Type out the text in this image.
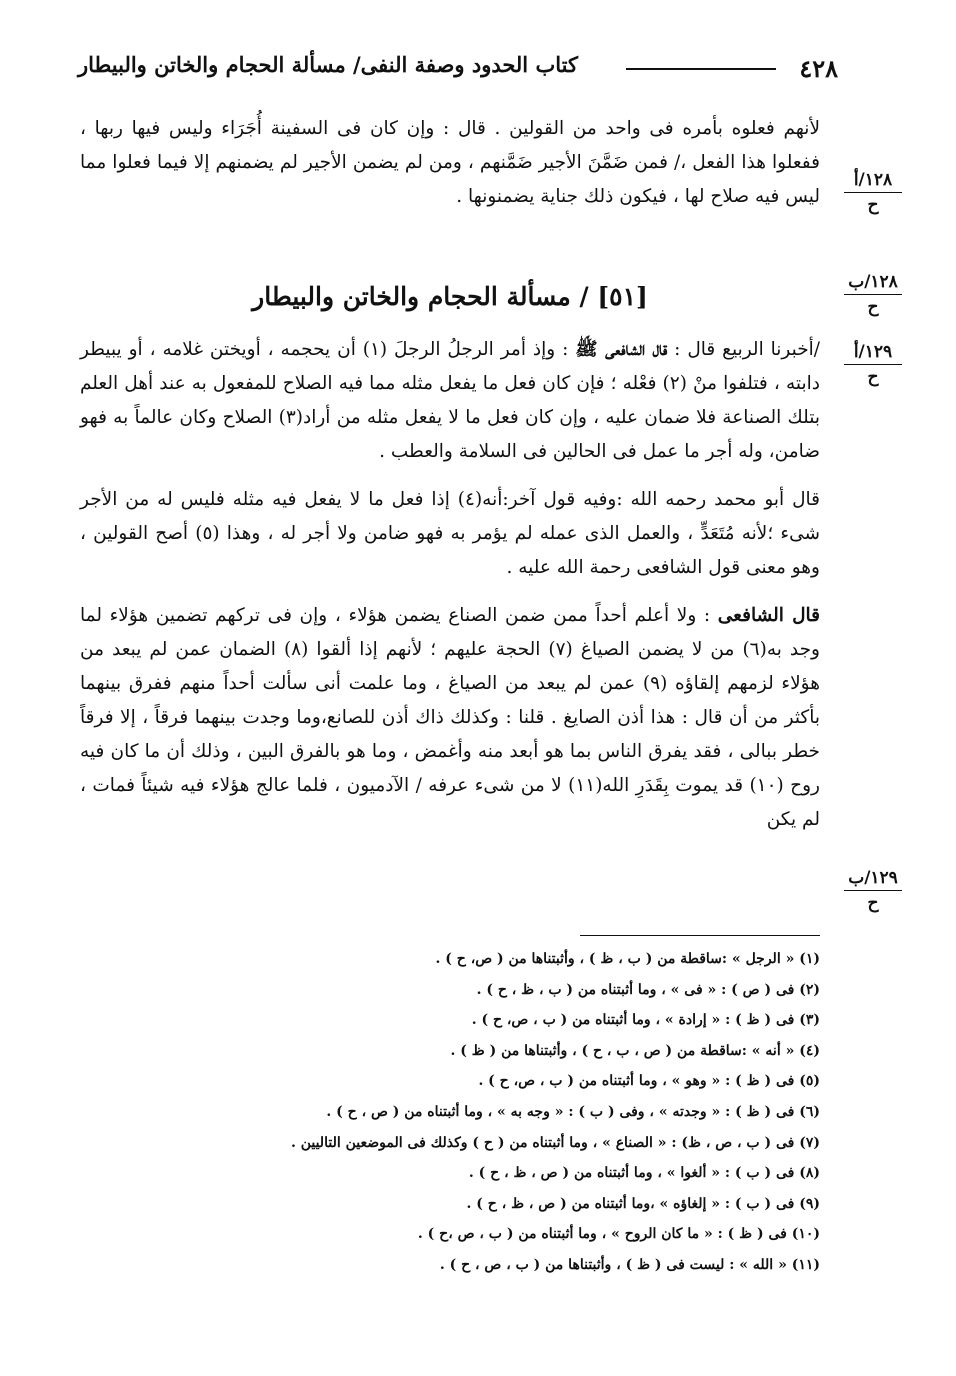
٤٢٨
كتاب الحدود وصفة النفى/ مسألة الحجام والخاتن والبيطار
١٢٨/أ
ح
١٢٨/ب
ح
١٢٩/أ
ح
١٢٩/ب
ح

لأنهم فعلوه بأمره فى واحد من القولين . قال : وإن كان فى السفينة أُجَرَاء وليس فيها ربها ، ففعلوا هذا الفعل ،/ فمن ضَمَّنَ الأجير ضَمَّنهم ، ومن لم يضمن الأجير لم يضمنهم إلا فيما فعلوا مما ليس فيه صلاح لها ، فيكون ذلك جناية يضمنونها .

[٥١] / مسألة الحجام والخاتن والبيطار

/أخبرنا الربيع قال : قال الشافعى ﷺ : وإذ أمر الرجلُ الرجلَ (١) أن يحجمه ، أويختن غلامه ، أو يبيطر دابته ، فتلفوا منْ (٢) فعْله ؛ فإن كان فعل ما يفعل مثله مما فيه الصلاح للمفعول به عند أهل العلم بتلك الصناعة فلا ضمان عليه ، وإن كان فعل ما لا يفعل مثله من أراد(٣) الصلاح وكان عالماً به فهو ضامن، وله أجر ما عمل فى الحالين فى السلامة والعطب .

قال أبو محمد رحمه الله :وفيه قول آخر:أنه(٤) إذا فعل ما لا يفعل فيه مثله فليس له من الأجر شىء ؛لأنه مُتَعَدٍّ ، والعمل الذى عمله لم يؤمر به فهو ضامن ولا أجر له ، وهذا (٥) أصح القولين ، وهو معنى قول الشافعى رحمة الله عليه .

قال الشافعى : ولا أعلم أحداً ممن ضمن الصناع يضمن هؤلاء ، وإن فى تركهم تضمين هؤلاء لما وجد به(٦) من لا يضمن الصياغ (٧) الحجة عليهم ؛ لأنهم إذا ألقوا (٨) الضمان عمن لم يبعد من هؤلاء لزمهم إلقاؤه (٩) عمن لم يبعد من الصياغ ، وما علمت أنى سألت أحداً منهم ففرق بينهما بأكثر من أن قال : هذا أذن الصايغ . قلنا : وكذلك ذاك أذن للصانع،وما وجدت بينهما فرقاً ، إلا فرقاً خطر ببالى ، فقد يفرق الناس بما هو أبعد منه وأغمض ، وما هو بالفرق البين ، وذلك أن ما كان فيه روح (١٠) قد يموت بِقَدَرِ الله(١١) لا من شىء عرفه / الآدميون ، فلما عالج هؤلاء فيه شيئاً فمات ، لم يكن

(١) « الرجل » :ساقطة من ( ب ، ظ ) ، وأثبتناها من ( ص، ح ) .
(٢) فى ( ص ) : « فى » ، وما أثبتناه من ( ب ، ظ ، ح ) .
(٣) فى ( ظ ) : « إرادة » ، وما أثبتناه من ( ب ، ص، ح ) .
(٤) « أنه » :ساقطة من ( ص ، ب ، ح ) ، وأثبتناها من ( ظ ) .
(٥) فى ( ظ ) : « وهو » ، وما أثبتناه من ( ب ، ص، ح ) .
(٦) فى ( ظ ) : « وجدته » ، وفى ( ب ) : « وجه به » ، وما أثبتناه من ( ص ، ح ) .
(٧) فى ( ب ، ص ، ظ) : « الصناع » ، وما أثبتناه من ( ح ) وكذلك فى الموضعين التاليين .
(٨) فى ( ب ) : « ألغوا » ، وما أثبتناه من ( ص ، ظ ، ح ) .
(٩) فى ( ب ) : « إلغاؤه » ،وما أثبتناه من ( ص ، ظ ، ح ) .
(١٠) فى ( ظ ) : « ما كان الروح » ، وما أثبتناه من ( ب ، ص ،ح ) .
(١١) « الله » : ليست فى ( ظ ) ، وأثبتناها من ( ب ، ص ، ح ) .
